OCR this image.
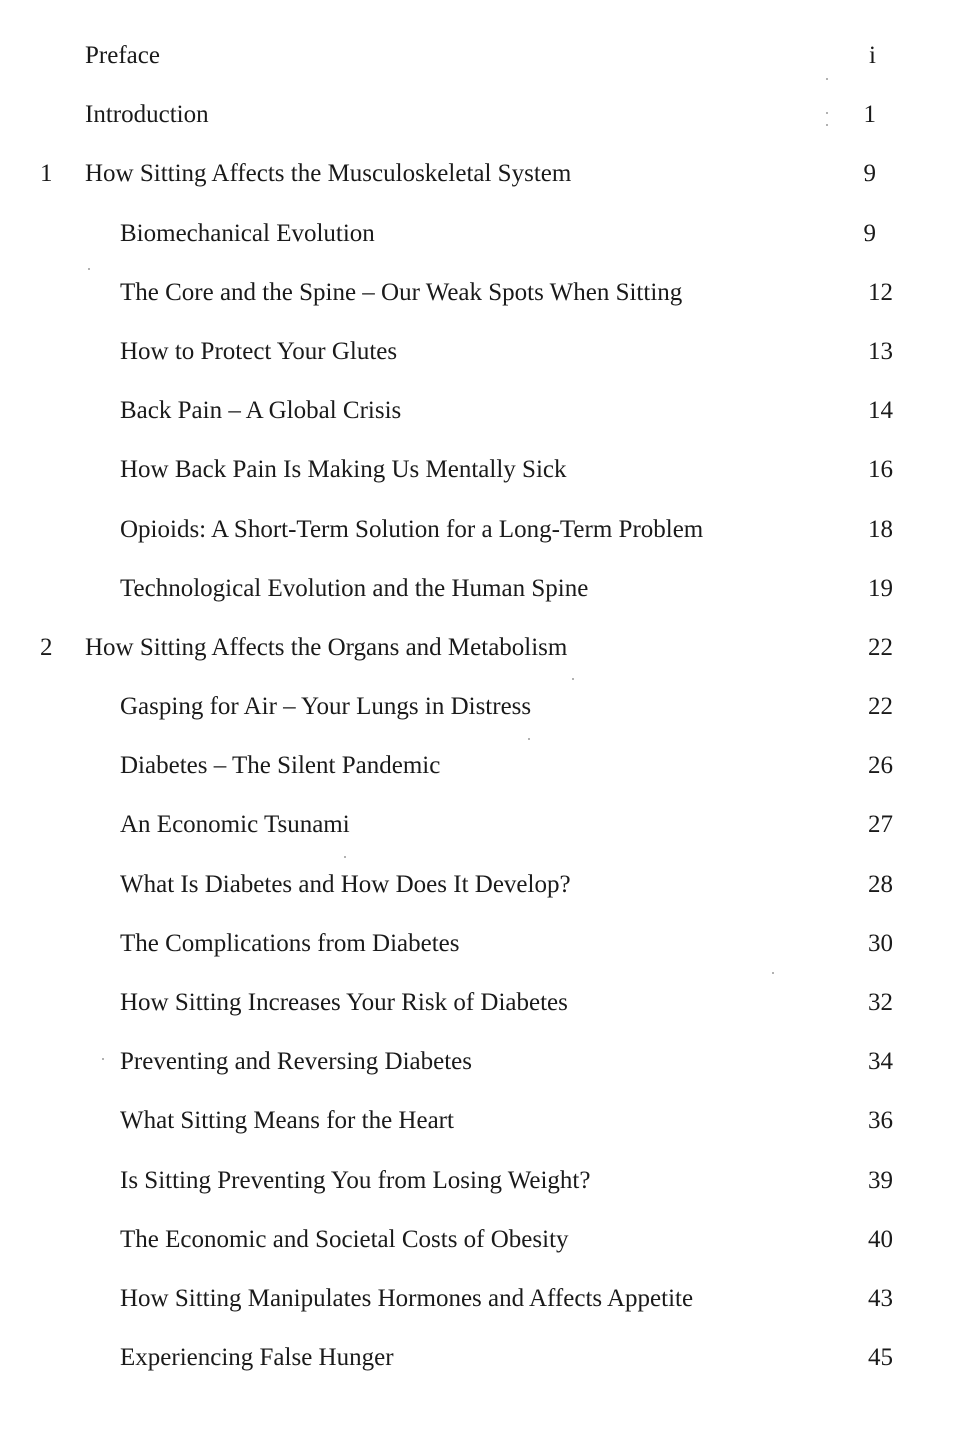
Preface	i
Introduction	1
1 How Sitting Affects the Musculoskeletal System	9
Biomechanical Evolution	9
The Core and the Spine – Our Weak Spots When Sitting	12
How to Protect Your Glutes	13
Back Pain – A Global Crisis	14
How Back Pain Is Making Us Mentally Sick	16
Opioids: A Short-Term Solution for a Long-Term Problem	18
Technological Evolution and the Human Spine	19
2 How Sitting Affects the Organs and Metabolism	22
Gasping for Air – Your Lungs in Distress	22
Diabetes – The Silent Pandemic	26
An Economic Tsunami	27
What Is Diabetes and How Does It Develop?	28
The Complications from Diabetes	30
How Sitting Increases Your Risk of Diabetes	32
Preventing and Reversing Diabetes	34
What Sitting Means for the Heart	36
Is Sitting Preventing You from Losing Weight?	39
The Economic and Societal Costs of Obesity	40
How Sitting Manipulates Hormones and Affects Appetite	43
Experiencing False Hunger	45
